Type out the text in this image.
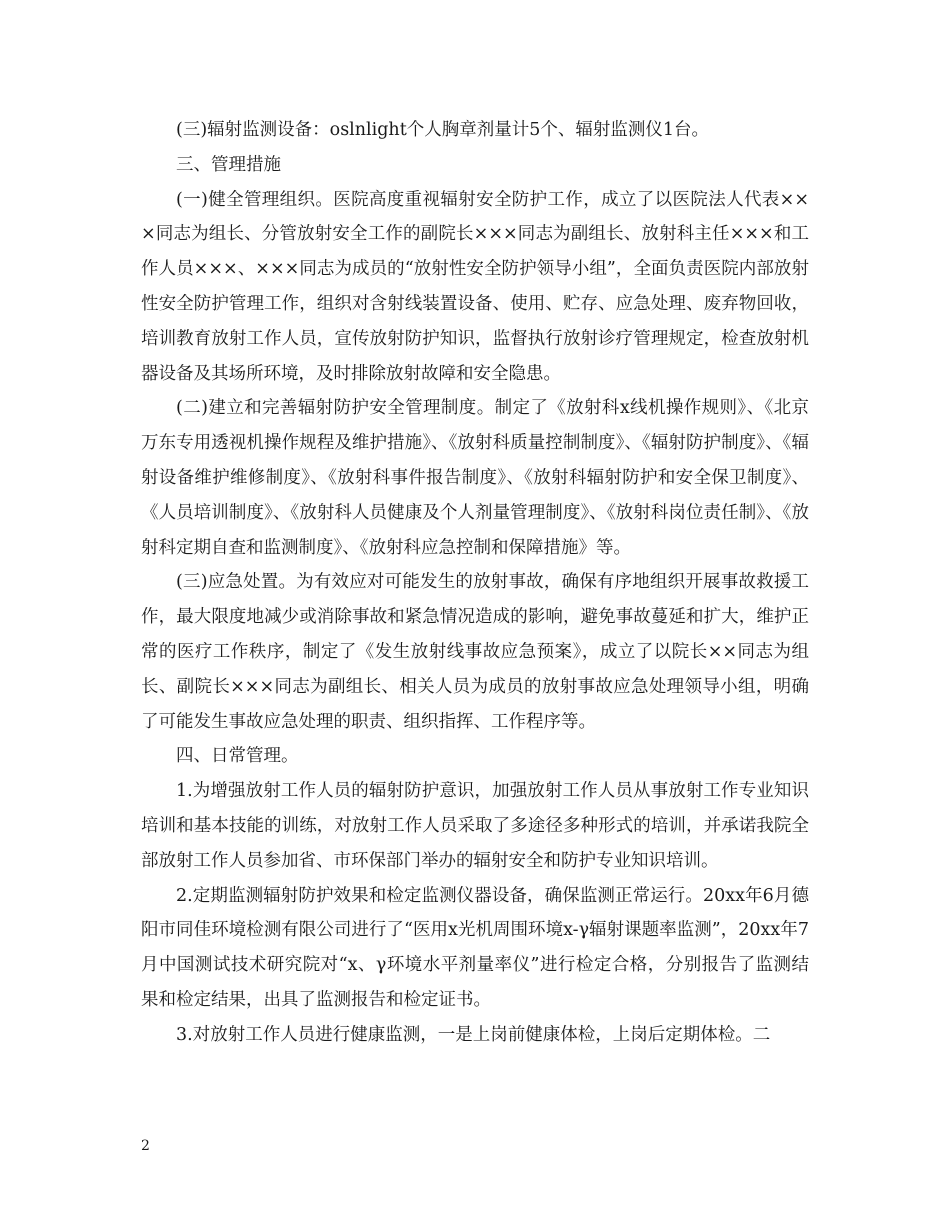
(三)辐射监测设备：oslnlight个人胸章剂量计5个、辐射监测仪1台。

三、管理措施

(一)健全管理组织。医院高度重视辐射安全防护工作，成立了以医院法人代表×××同志为组长、分管放射安全工作的副院长×××同志为副组长、放射科主任×××和工作人员×××、×××同志为成员的“放射性安全防护领导小组”，全面负责医院内部放射性安全防护管理工作，组织对含射线装置设备、使用、贮存、应急处理、废弃物回收，培训教育放射工作人员，宣传放射防护知识，监督执行放射诊疗管理规定，检查放射机器设备及其场所环境，及时排除放射故障和安全隐患。

(二)建立和完善辐射防护安全管理制度。制定了《放射科x线机操作规则》、《北京万东专用透视机操作规程及维护措施》、《放射科质量控制制度》、《辐射防护制度》、《辐射设备维护维修制度》、《放射科事件报告制度》、《放射科辐射防护和安全保卫制度》、《人员培训制度》、《放射科人员健康及个人剂量管理制度》、《放射科岗位责任制》、《放射科定期自查和监测制度》、《放射科应急控制和保障措施》等。

(三)应急处置。为有效应对可能发生的放射事故，确保有序地组织开展事故救援工作，最大限度地减少或消除事故和紧急情况造成的影响，避免事故蔓延和扩大，维护正常的医疗工作秩序，制定了《发生放射线事故应急预案》，成立了以院长××同志为组长、副院长×××同志为副组长、相关人员为成员的放射事故应急处理领导小组，明确了可能发生事故应急处理的职责、组织指挥、工作程序等。

四、日常管理。

1.为增强放射工作人员的辐射防护意识，加强放射工作人员从事放射工作专业知识培训和基本技能的训练，对放射工作人员采取了多途径多种形式的培训，并承诺我院全部放射工作人员参加省、市环保部门举办的辐射安全和防护专业知识培训。

2.定期监测辐射防护效果和检定监测仪器设备，确保监测正常运行。20xx年6月德阳市同佳环境检测有限公司进行了“医用x光机周围环境x-γ辐射课题率监测”，20xx年7月中国测试技术研究院对“x、γ环境水平剂量率仪”进行检定合格，分别报告了监测结果和检定结果，出具了监测报告和检定证书。

3.对放射工作人员进行健康监测，一是上岗前健康体检，上岗后定期体检。二

2
